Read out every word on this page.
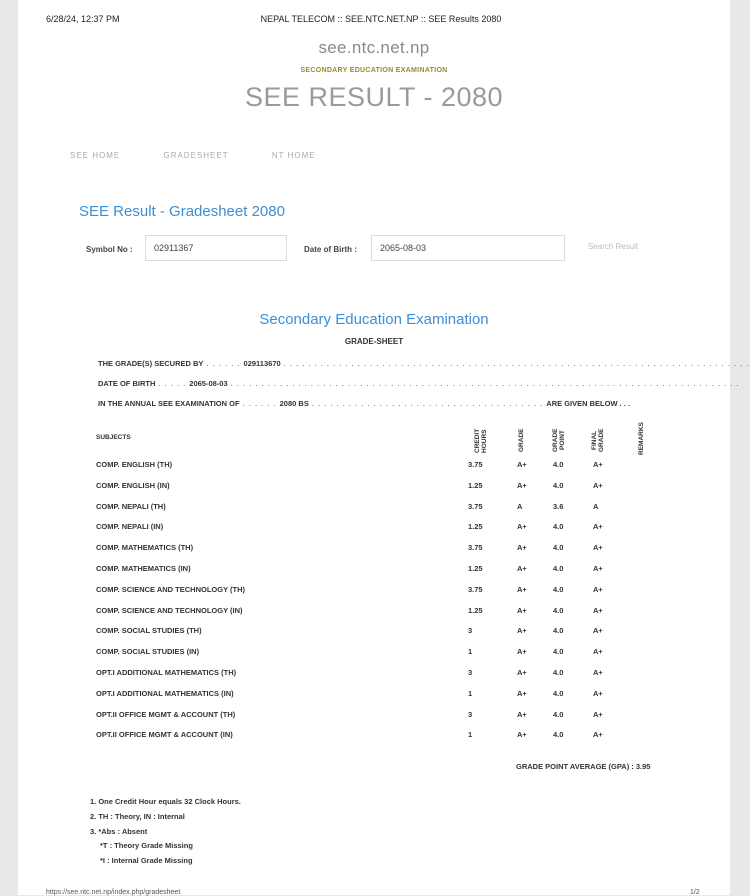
6/28/24, 12:37 PM	NEPAL TELECOM :: SEE.NTC.NET.NP :: SEE Results 2080
see.ntc.net.np
SECONDARY EDUCATION EXAMINATION
SEE RESULT - 2080
SEE HOME	GRADESHEET	NT HOME
SEE Result - Gradesheet 2080
Symbol No :	02911367	Date of Birth :	2065-08-03	Search Result
Secondary Education Examination
GRADE-SHEET
THE GRADE(S) SECURED BY . . . . . . 029113670 . . . . . . . . . . . . . . . . . . . . . . . . . . . . . . . . . . . . . . . . . . . . . . . . . . . . . . . . . . . . . . . . . . . . . . . . . . . .
DATE OF BIRTH . . . . . 2065-08-03 . . . . . . . . . . . . . . . . . . . . . . . . . . . . . . . . . . . . . . . . . . . . . . . . . . . . . . . . . . . . . . . . . . . . . . . . . . . . . . . . . . .
IN THE ANNUAL SEE EXAMINATION OF . . . . . . 2080 BS . . . . . . . . . . . . . . . . . . . . . . . . . . . . . . . . . . . . . . ARE GIVEN BELOW . . .
SUBJECTS	CREDIT HOURS	GRADE	GRADE POINT	FINAL GRADE	REMARKS
COMP. ENGLISH (TH)	3.75	A+	4.0	A+
COMP. ENGLISH (IN)	1.25	A+	4.0	A+
COMP. NEPALI (TH)	3.75	A	3.6	A
COMP. NEPALI (IN)	1.25	A+	4.0	A+
COMP. MATHEMATICS (TH)	3.75	A+	4.0	A+
COMP. MATHEMATICS (IN)	1.25	A+	4.0	A+
COMP. SCIENCE AND TECHNOLOGY (TH)	3.75	A+	4.0	A+
COMP. SCIENCE AND TECHNOLOGY (IN)	1.25	A+	4.0	A+
COMP. SOCIAL STUDIES (TH)	3	A+	4.0	A+
COMP. SOCIAL STUDIES (IN)	1	A+	4.0	A+
OPT.I ADDITIONAL MATHEMATICS (TH)	3	A+	4.0	A+
OPT.I ADDITIONAL MATHEMATICS (IN)	1	A+	4.0	A+
OPT.II OFFICE MGMT & ACCOUNT (TH)	3	A+	4.0	A+
OPT.II OFFICE MGMT & ACCOUNT (IN)	1	A+	4.0	A+
GRADE POINT AVERAGE (GPA) : 3.95
1. One Credit Hour equals 32 Clock Hours.
2. TH : Theory, IN : Internal
3. *Abs : Absent
*T : Theory Grade Missing
*I : Internal Grade Missing
https://see.ntc.net.np/index.php/gradesheet	1/2
